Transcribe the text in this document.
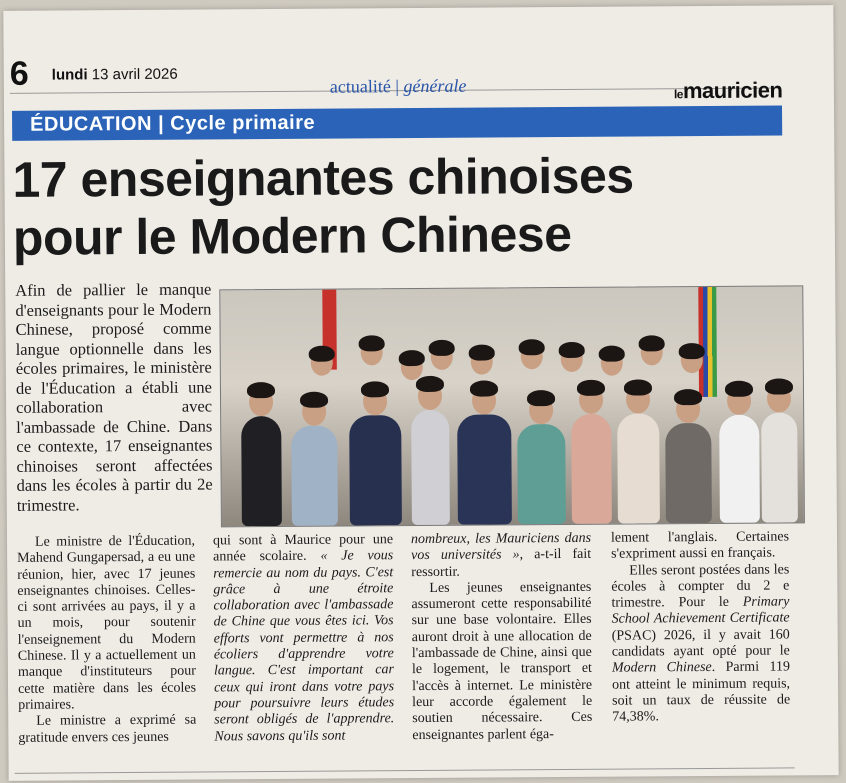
6 lundi 13 avril 2026
actualité | générale	lemauricien
ÉDUCATION | Cycle primaire
17 enseignantes chinoises
pour le Modern Chinese
Afin de pallier le manque d'enseignants pour le Modern Chinese, proposé comme langue optionnelle dans les écoles primaires, le ministère de l'Éducation a établi une collaboration avec l'ambassade de Chine. Dans ce contexte, 17 enseignantes chinoises seront affectées dans les écoles à partir du 2e trimestre.

Le ministre de l'Éducation, Mahend Gungapersad, a eu une réunion, hier, avec 17 jeunes enseignantes chinoises. Celles-ci sont arrivées au pays, il y a un mois, pour soutenir l'enseignement du Modern Chinese. Il y a actuellement un manque d'instituteurs pour cette matière dans les écoles primaires.

Le ministre a exprimé sa gratitude envers ces jeunes

qui sont à Maurice pour une année scolaire. « Je vous remercie au nom du pays. C'est grâce à une étroite collaboration avec l'ambassade de Chine que vous êtes ici. Vos efforts vont permettre à nos écoliers d'apprendre votre langue. C'est important car ceux qui iront dans votre pays pour poursuivre leurs études seront obligés de l'apprendre. Nous savons qu'ils sont

nombreux, les Mauriciens dans vos universités », a-t-il fait ressortir.

Les jeunes enseignantes assumeront cette responsabilité sur une base volontaire. Elles auront droit à une allocation de l'ambassade de Chine, ainsi que le logement, le transport et l'accès à internet. Le ministère leur accorde également le soutien nécessaire. Ces enseignantes parlent éga-

lement l'anglais. Certaines s'expriment aussi en français.

Elles seront postées dans les écoles à compter du 2 e trimestre. Pour le Primary School Achievement Certificate (PSAC) 2026, il y avait 160 candidats ayant opté pour le Modern Chinese. Parmi 119 ont atteint le minimum requis, soit un taux de réussite de 74,38%.
